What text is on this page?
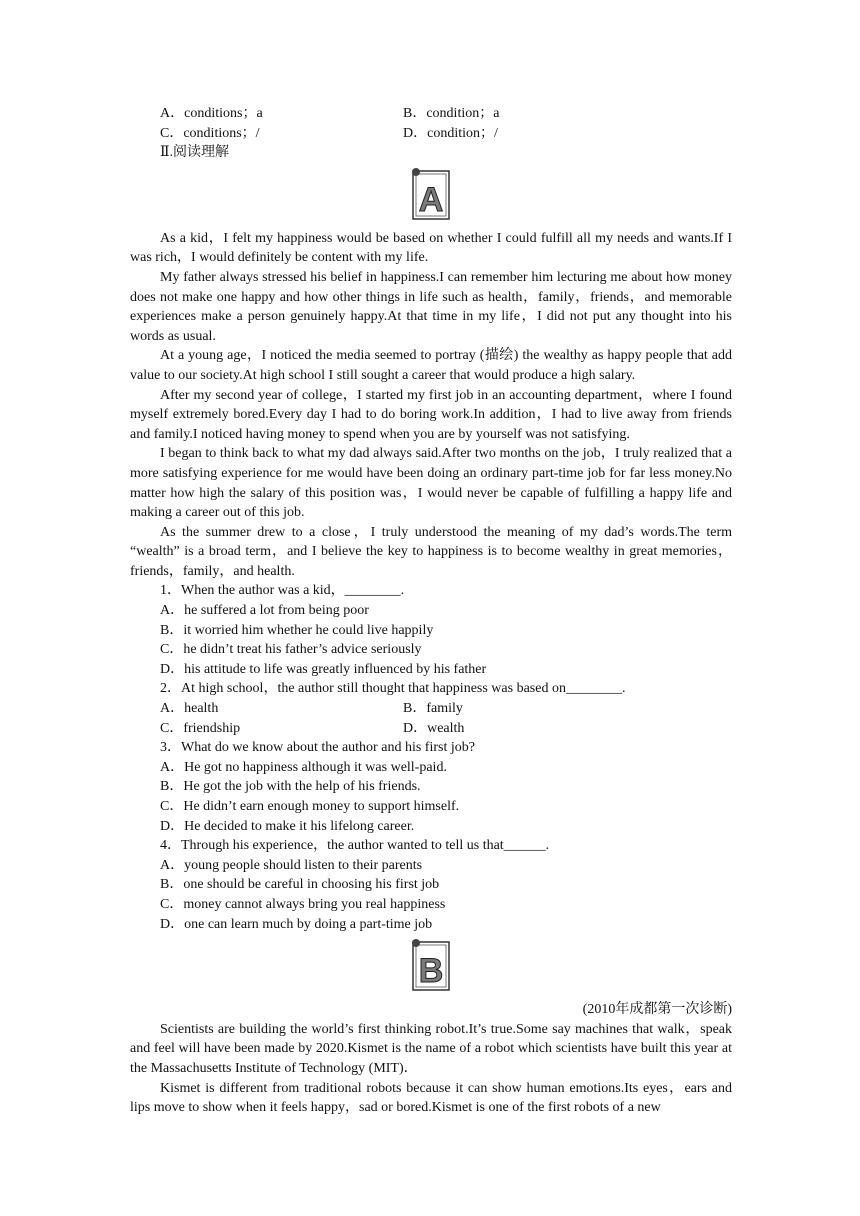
A．conditions；a	B．condition；a
C．conditions；/	D．condition；/
Ⅱ.阅读理解
A

As a kid，I felt my happiness would be based on whether I could fulfill all my needs and wants.If I was rich，I would definitely be content with my life.

My father always stressed his belief in happiness.I can remember him lecturing me about how money does not make one happy and how other things in life such as health，family，friends，and memorable experiences make a person genuinely happy.At that time in my life，I did not put any thought into his words as usual.

At a young age，I noticed the media seemed to portray (描绘) the wealthy as happy people that add value to our society.At high school I still sought a career that would produce a high salary.

After my second year of college，I started my first job in an accounting department，where I found myself extremely bored.Every day I had to do boring work.In addition，I had to live away from friends and family.I noticed having money to spend when you are by yourself was not satisfying.

I began to think back to what my dad always said.After two months on the job，I truly realized that a more satisfying experience for me would have been doing an ordinary part-time job for far less money.No matter how high the salary of this position was，I would never be capable of fulfilling a happy life and making a career out of this job.

As the summer drew to a close，I truly understood the meaning of my dad’s words.The term “wealth” is a broad term，and I believe the key to happiness is to become wealthy in great memories，friends，family，and health.

1．When the author was a kid，________.
A．he suffered a lot from being poor
B．it worried him whether he could live happily
C．he didn’t treat his father’s advice seriously
D．his attitude to life was greatly influenced by his father
2．At high school，the author still thought that happiness was based on________.
A．health	B．family
C．friendship	D．wealth
3．What do we know about the author and his first job?
A．He got no happiness although it was well-paid.
B．He got the job with the help of his friends.
C．He didn’t earn enough money to support himself.
D．He decided to make it his lifelong career.
4．Through his experience，the author wanted to tell us that______.
A．young people should listen to their parents
B．one should be careful in choosing his first job
C．money cannot always bring you real happiness
D．one can learn much by doing a part-time job
B
(2010年成都第一次诊断)

Scientists are building the world’s first thinking robot.It’s true.Some say machines that walk，speak and feel will have been made by 2020.Kismet is the name of a robot which scientists have built this year at the Massachusetts Institute of Technology (MIT)．

Kismet is different from traditional robots because it can show human emotions.Its eyes，ears and lips move to show when it feels happy，sad or bored.Kismet is one of the first robots of a new
